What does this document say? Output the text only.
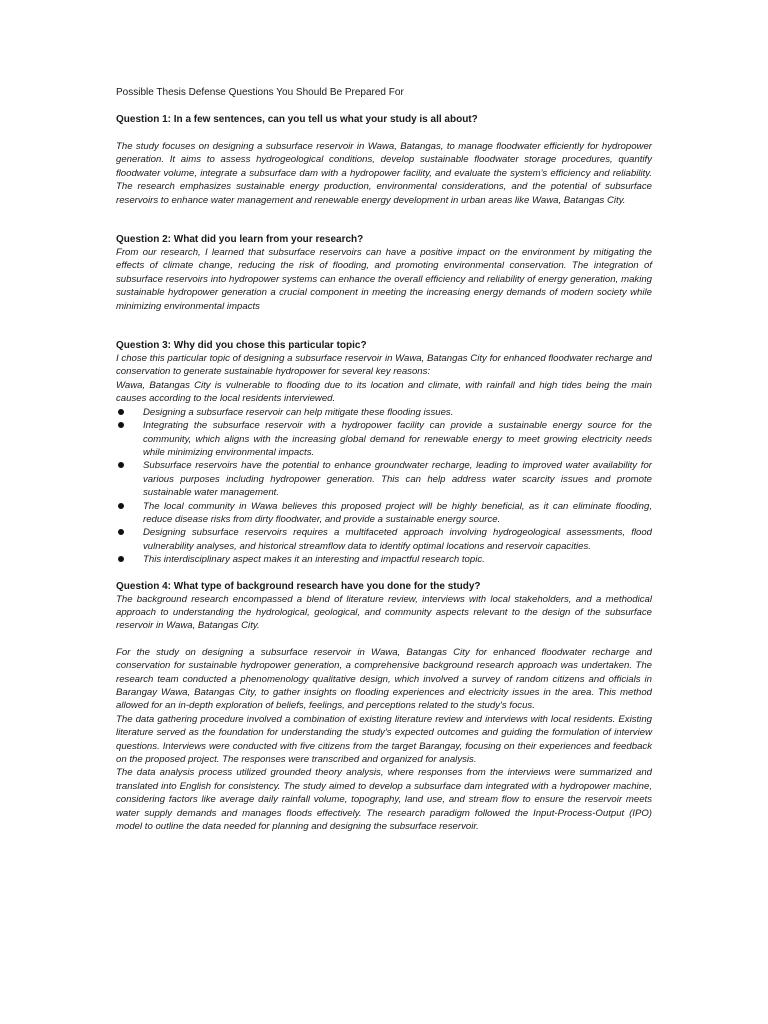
Possible Thesis Defense Questions You Should Be Prepared For

Question 1: In a few sentences, can you tell us what your study is all about?

The study focuses on designing a subsurface reservoir in Wawa, Batangas, to manage floodwater efficiently for hydropower generation. It aims to assess hydrogeological conditions, develop sustainable floodwater storage procedures, quantify floodwater volume, integrate a subsurface dam with a hydropower facility, and evaluate the system's efficiency and reliability. The research emphasizes sustainable energy production, environmental considerations, and the potential of subsurface reservoirs to enhance water management and renewable energy development in urban areas like Wawa, Batangas City.

Question 2: What did you learn from your research?

From our research, I learned that subsurface reservoirs can have a positive impact on the environment by mitigating the effects of climate change, reducing the risk of flooding, and promoting environmental conservation. The integration of subsurface reservoirs into hydropower systems can enhance the overall efficiency and reliability of energy generation, making sustainable hydropower generation a crucial component in meeting the increasing energy demands of modern society while minimizing environmental impacts

Question 3: Why did you chose this particular topic?

I chose this particular topic of designing a subsurface reservoir in Wawa, Batangas City for enhanced floodwater recharge and conservation to generate sustainable hydropower for several key reasons:

Wawa, Batangas City is vulnerable to flooding due to its location and climate, with rainfall and high tides being the main causes according to the local residents interviewed.

Designing a subsurface reservoir can help mitigate these flooding issues.
Integrating the subsurface reservoir with a hydropower facility can provide a sustainable energy source for the community, which aligns with the increasing global demand for renewable energy to meet growing electricity needs while minimizing environmental impacts.
Subsurface reservoirs have the potential to enhance groundwater recharge, leading to improved water availability for various purposes including hydropower generation. This can help address water scarcity issues and promote sustainable water management.
The local community in Wawa believes this proposed project will be highly beneficial, as it can eliminate flooding, reduce disease risks from dirty floodwater, and provide a sustainable energy source.
Designing subsurface reservoirs requires a multifaceted approach involving hydrogeological assessments, flood vulnerability analyses, and historical streamflow data to identify optimal locations and reservoir capacities.
This interdisciplinary aspect makes it an interesting and impactful research topic.

Question 4: What type of background research have you done for the study?

The background research encompassed a blend of literature review, interviews with local stakeholders, and a methodical approach to understanding the hydrological, geological, and community aspects relevant to the design of the subsurface reservoir in Wawa, Batangas City.

For the study on designing a subsurface reservoir in Wawa, Batangas City for enhanced floodwater recharge and conservation for sustainable hydropower generation, a comprehensive background research approach was undertaken. The research team conducted a phenomenology qualitative design, which involved a survey of random citizens and officials in Barangay Wawa, Batangas City, to gather insights on flooding experiences and electricity issues in the area. This method allowed for an in-depth exploration of beliefs, feelings, and perceptions related to the study's focus.

The data gathering procedure involved a combination of existing literature review and interviews with local residents. Existing literature served as the foundation for understanding the study's expected outcomes and guiding the formulation of interview questions. Interviews were conducted with five citizens from the target Barangay, focusing on their experiences and feedback on the proposed project. The responses were transcribed and organized for analysis.

The data analysis process utilized grounded theory analysis, where responses from the interviews were summarized and translated into English for consistency. The study aimed to develop a subsurface dam integrated with a hydropower machine, considering factors like average daily rainfall volume, topography, land use, and stream flow to ensure the reservoir meets water supply demands and manages floods effectively. The research paradigm followed the Input-Process-Output (IPO) model to outline the data needed for planning and designing the subsurface reservoir.
